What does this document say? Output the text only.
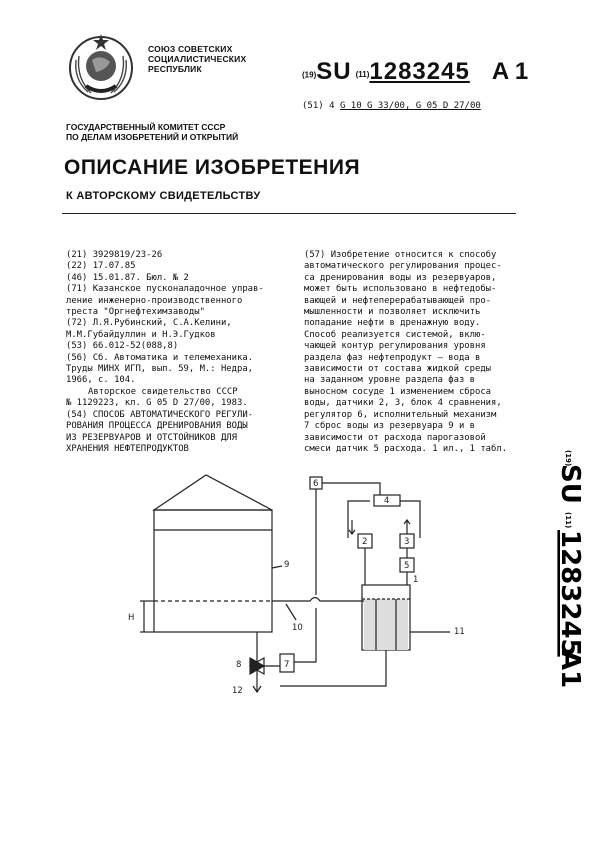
СОЮЗ СОВЕТСКИХ
СОЦИАЛИСТИЧЕСКИХ
РЕСПУБЛИК
(19)SU (11)1283245 A 1
(51) 4 G 10 G 33/00, G 05 D 27/00
ГОСУДАРСТВЕННЫЙ КОМИТЕТ СССР
ПО ДЕЛАМ ИЗОБРЕТЕНИЙ И ОТКРЫТИЙ
ОПИСАНИЕ ИЗОБРЕТЕНИЯ
К АВТОРСКОМУ СВИДЕТЕЛЬСТВУ
(21) 3929819/23-26
(22) 17.07.85
(46) 15.01.87. Бюл. № 2
(71) Казанское пусконаладочное управ-
ление инженерно-производственного
треста "Оргнефтехимзаводы"
(72) Л.Я.Рубинский, С.А.Келини,
М.М.Губайдуллин и Н.Э.Гудков
(53) 66.012-52(088,8)
(56) Сб. Автоматика и телемеханика.
Труды МИНХ ИГП, вып. 59, М.: Недра,
1966, с. 104.
Авторское свидетельство СССР
№ 1129223, кл. G 05 D 27/00, 1983.
(54) СПОСОБ АВТОМАТИЧЕСКОГО РЕГУЛИ-
РОВАНИЯ ПРОЦЕССА ДРЕНИРОВАНИЯ ВОДЫ
ИЗ РЕЗЕРВУАРОВ И ОТСТОЙНИКОВ ДЛЯ
ХРАНЕНИЯ НЕФТЕПРОДУКТОВ
(57) Изобретение относится к способу
автоматического регулирования процес-
са дренирования воды из резервуаров,
может быть использовано в нефтедобы-
вающей и нефтеперерабатывающей про-
мышленности и позволяет исключить
попадание нефти в дренажную воду.
Способ реализуется системой, вклю-
чающей контур регулирования уровня
раздела фаз нефтепродукт – вода в
зависимости от состава жидкой среды
на заданном уровне раздела фаз в
выносном сосуде 1 изменением сброса
воды, датчики 2, 3, блок 4 сравнения,
регулятор 6, исполнительный механизм
7 сброс воды из резервуара 9 и в
зависимости от расхода парогазовой
смеси датчик 5 расхода. 1 ил., 1 табл.
(19)
SU
(11)
1283245
A1
H
8
12
7
6
4
2	3
5
1
11
9
10
